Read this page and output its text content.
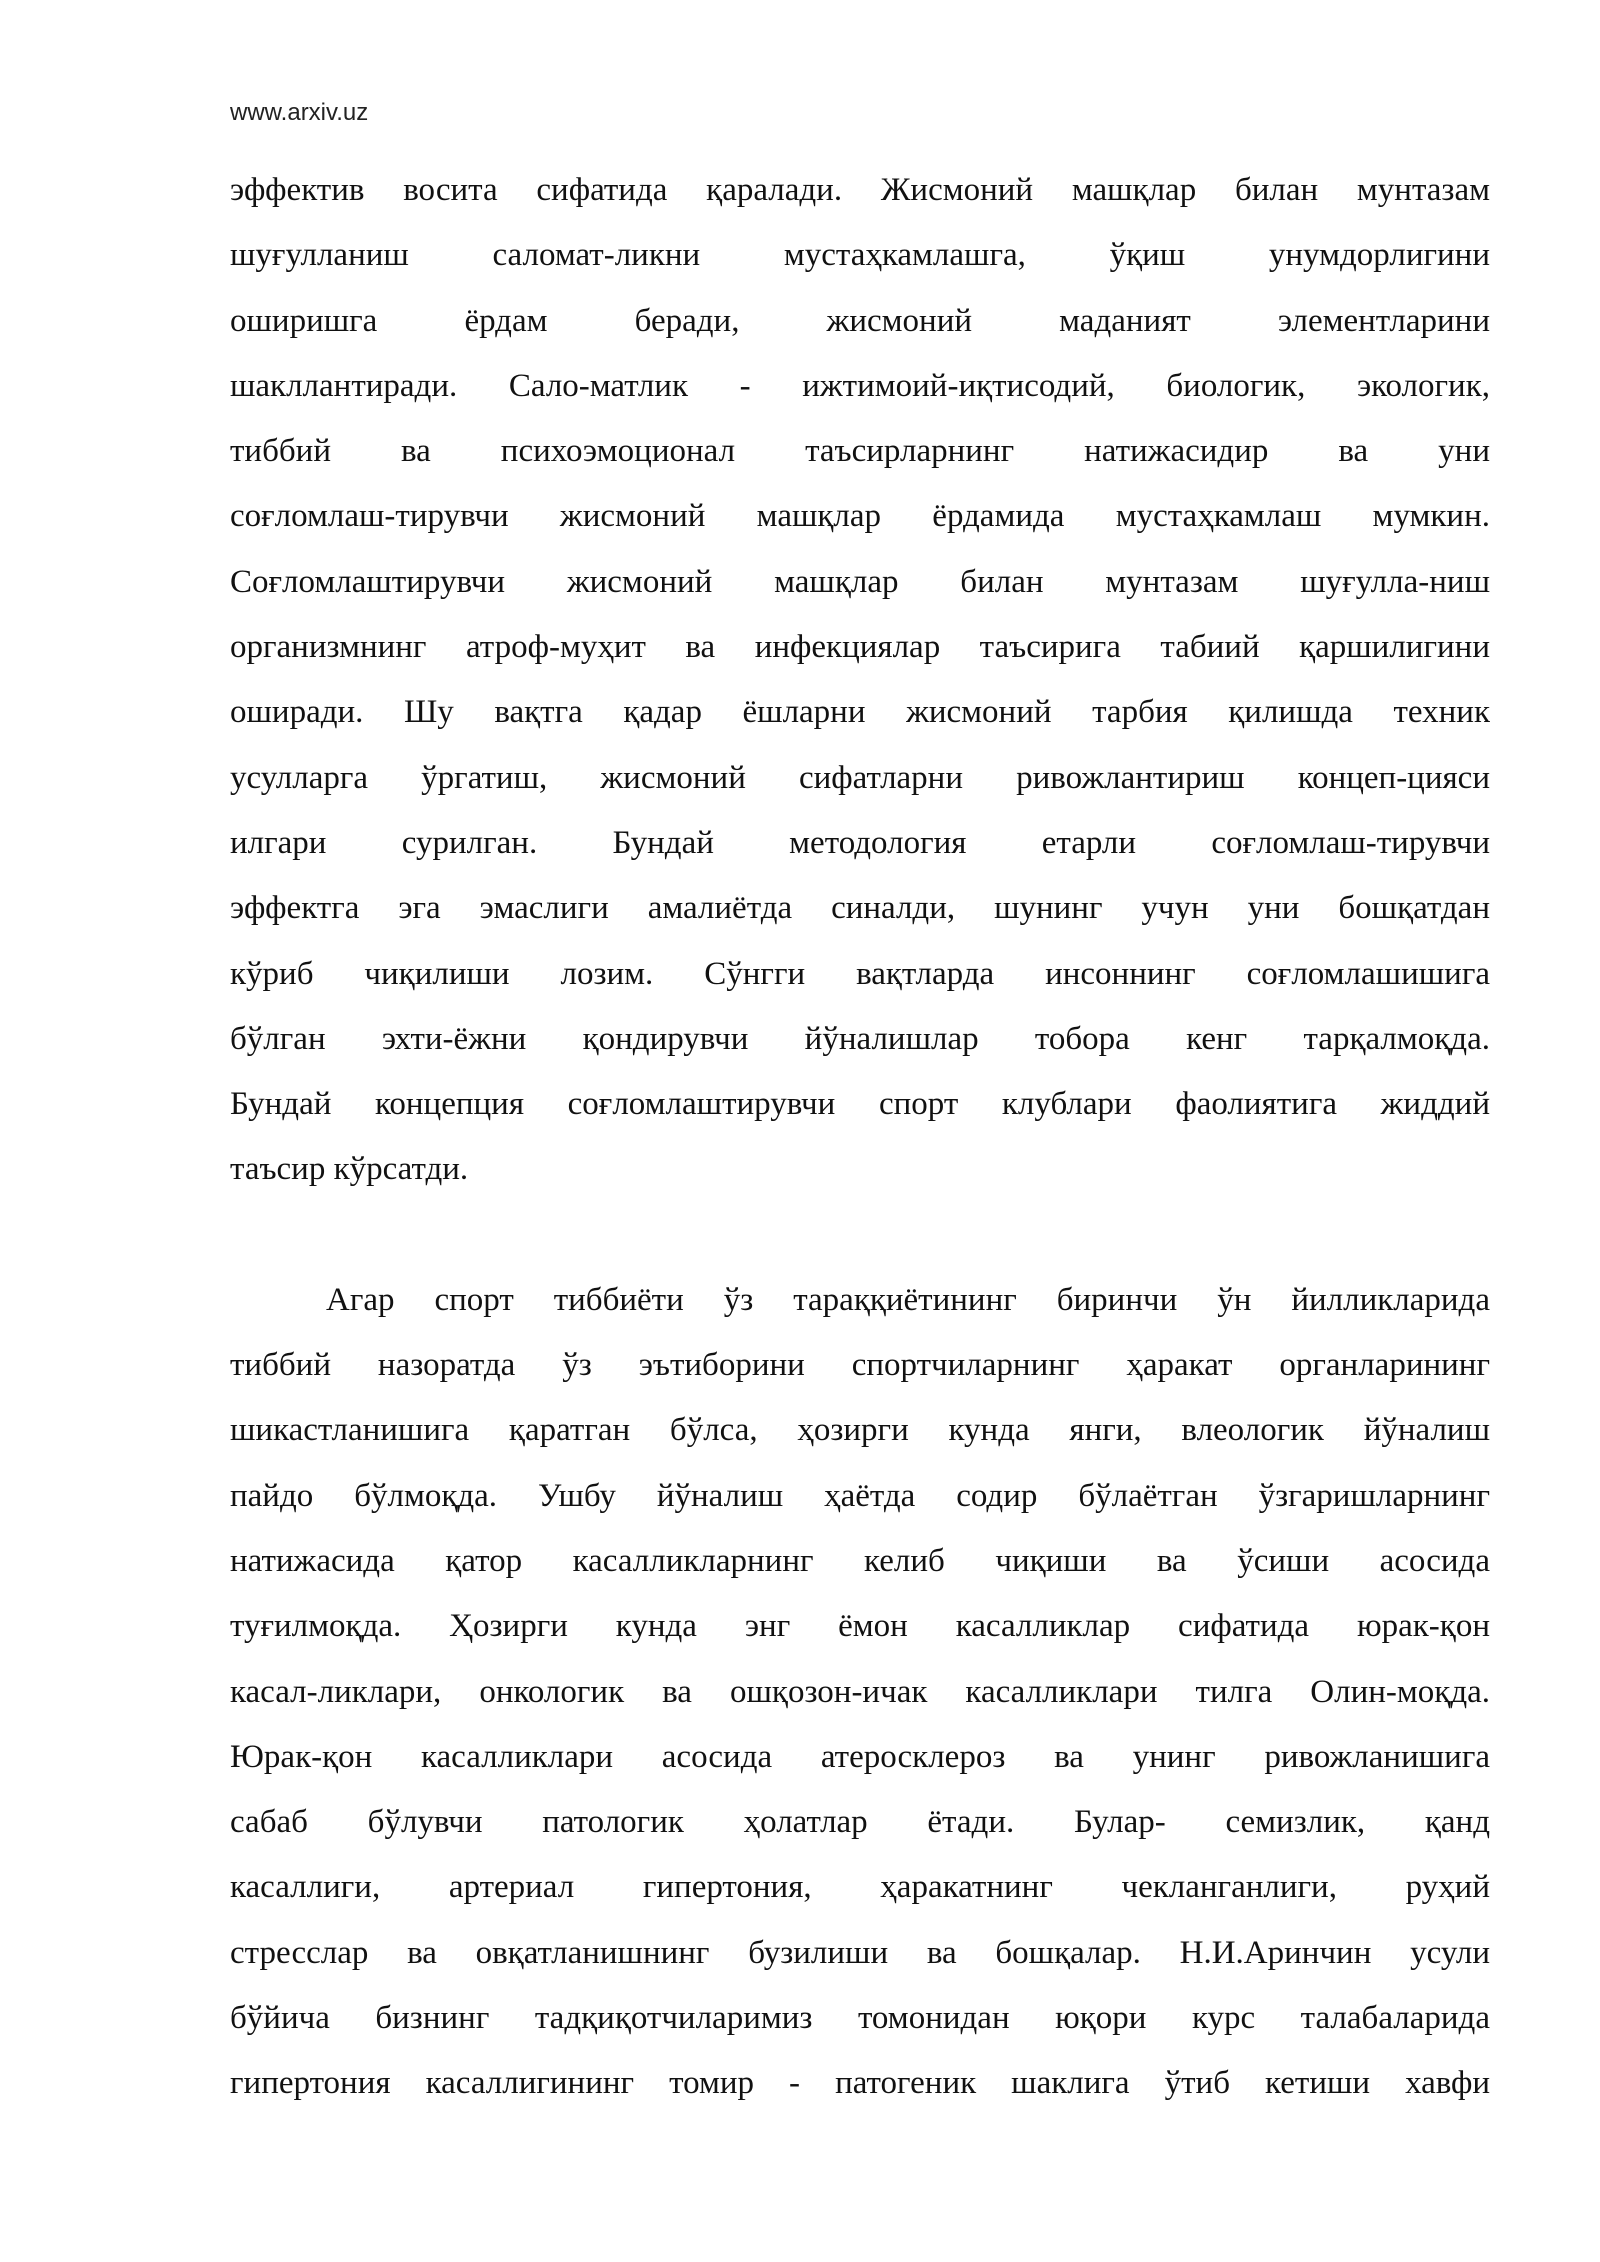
www.arxiv.uz

эффектив восита сифатида қаралади. Жисмоний машқлар билан мунтазам
шуғулланиш саломат-ликни мустаҳкамлашга, ўқиш унумдорлигини
оширишга ёрдам беради, жисмоний маданият элементларини
шакллантиради. Сало-матлик - ижтимоий-иқтисодий, биологик, экологик,
тиббий ва психоэмоционал таъсирларнинг натижасидир ва уни
соғломлаш-тирувчи жисмоний машқлар ёрдамида мустаҳкамлаш мумкин.
Соғломлаштирувчи жисмоний машқлар билан мунтазам шуғулла-ниш
организмнинг атроф-муҳит ва инфекциялар таъсирига табиий қаршилигини
оширади. Шу вақтга қадар ёшларни жисмоний тарбия қилишда техник
усулларга ўргатиш, жисмоний сифатларни ривожлантириш концеп-цияси
илгари сурилган. Бундай методология етарли соғломлаш-тирувчи
эффектга эга эмаслиги амалиётда синалди, шунинг учун уни бошқатдан
кўриб чиқилиши лозим. Сўнгги вақтларда инсоннинг соғломлашишига
бўлган эхти-ёжни қондирувчи йўналишлар тобора кенг тарқалмоқда.
Бундай концепция соғломлаштирувчи спорт клублари фаолиятига жиддий
таъсир кўрсатди.

Агар спорт тиббиёти ўз тараққиётининг биринчи ўн йилликларида
тиббий назоратда ўз эътиборини спортчиларнинг ҳаракат органларининг
шикастланишига қаратган бўлса, ҳозирги кунда янги, влеологик йўналиш
пайдо бўлмоқда. Ушбу йўналиш ҳаётда содир бўлаётган ўзгаришларнинг
натижасида қатор касалликларнинг келиб чиқиши ва ўсиши асосида
туғилмоқда. Ҳозирги кунда энг ёмон касалликлар сифатида юрак-қон
касал-ликлари, онкологик ва ошқозон-ичак касалликлари тилга Олин-моқда.
Юрак-қон касалликлари асосида атеросклероз ва унинг ривожланишига
сабаб бўлувчи патологик ҳолатлар ётади. Булар- семизлик, қанд
касаллиги, артериал гипертония, ҳаракатнинг чекланганлиги, руҳий
стресслар ва овқатланишнинг бузилиши ва бошқалар. Н.И.Аринчин усули
бўйича бизнинг тадқиқотчиларимиз томонидан юқори курс талабаларида
гипертония касаллигининг томир - патогеник шаклига ўтиб кетиши хавфи
